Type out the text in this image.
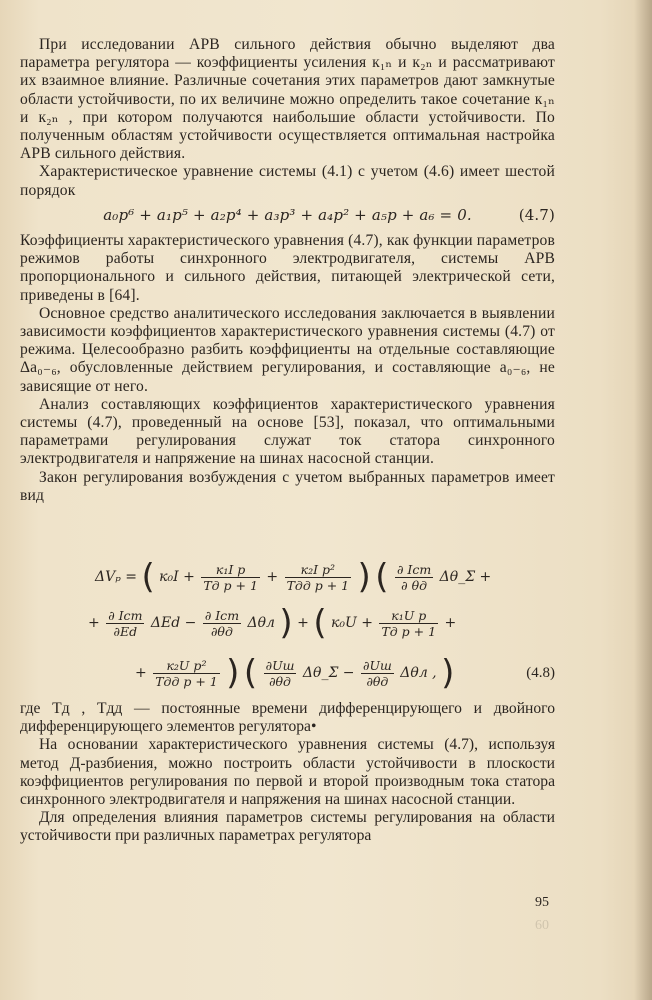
При исследовании АРВ сильного действия обычно выделяют два параметра регулятора — коэффициенты усиления к₁ₙ и к₂ₙ и рассматривают их взаимное влияние. Различные сочетания этих параметров дают замкнутые области устойчивости, по их величине можно определить такое сочетание к₁ₙ и к₂ₙ , при котором получаются наибольшие области устойчивости. По полученным областям устойчивости осуществляется оптимальная настройка АРВ сильного действия.

Характеристическое уравнение системы (4.1) с учетом (4.6) имеет шестой порядок

a₀p⁶ + a₁p⁵ + a₂p⁴ + a₃p³ + a₄p² + a₅p + a₆ = 0.	(4.7)

Коэффициенты характеристического уравнения (4.7), как функции параметров режимов работы синхронного электродвигателя, системы АРВ пропорционального и сильного действия, питающей электрической сети, приведены в [64].

Основное средство аналитического исследования заключается в выявлении зависимости коэффициентов характеристического уравнения системы (4.7) от режима. Целесообразно разбить коэффициенты на отдельные составляющие Δa₀₋₆, обусловленные действием регулирования, и составляющие a₀₋₆, не зависящие от него.

Анализ составляющих коэффициентов характеристического уравнения системы (4.7), проведенный на основе [53], показал, что оптимальными параметрами регулирования служат ток статора синхронного электродвигателя и напряжение на шинах насосной станции.

Закон регулирования возбуждения с учетом выбранных параметров имеет вид

ΔVₚ = ( $к_0I + \frac{\text{к₁I p}}{\text{Tд p + 1}} + \frac{\text{к₂I p²}}{\text{Tдд p + 1}}$ ) ( $\frac{\text{∂ Iст}}{\partial \theta д}$ Δθ_Σ +
+ $\frac{\text{∂ Iст}}{\partial Ed}$ $\Delta Ed - \frac{\text{∂ Iст}}{\partial\theta д}$ Δθл ) + ( $к_0U + \frac{\text{к₁U p}}{\text{Tд p + 1}}$ +
+ $\frac{\text{к₂U p²}}{\text{Tдд p + 1}}$ ) ( $\frac{\partial Uш}{\partial\theta д}$ Δθ_Σ − $\frac{\partial Uш}{\partial\theta д}$ Δθл , )	(4.8)

где Tд , Tдд — постоянные времени дифференцирующего и двойного дифференцирующего элементов регулятора•

На основании характеристического уравнения системы (4.7), используя метод Д-разбиения, можно построить области устойчивости в плоскости коэффициентов регулирования по первой и второй производным тока статора синхронного электродвигателя и напряжения на шинах насосной станции.

Для определения влияния параметров системы регулирования на области устойчивости при различных параметрах регулятора

95
60
